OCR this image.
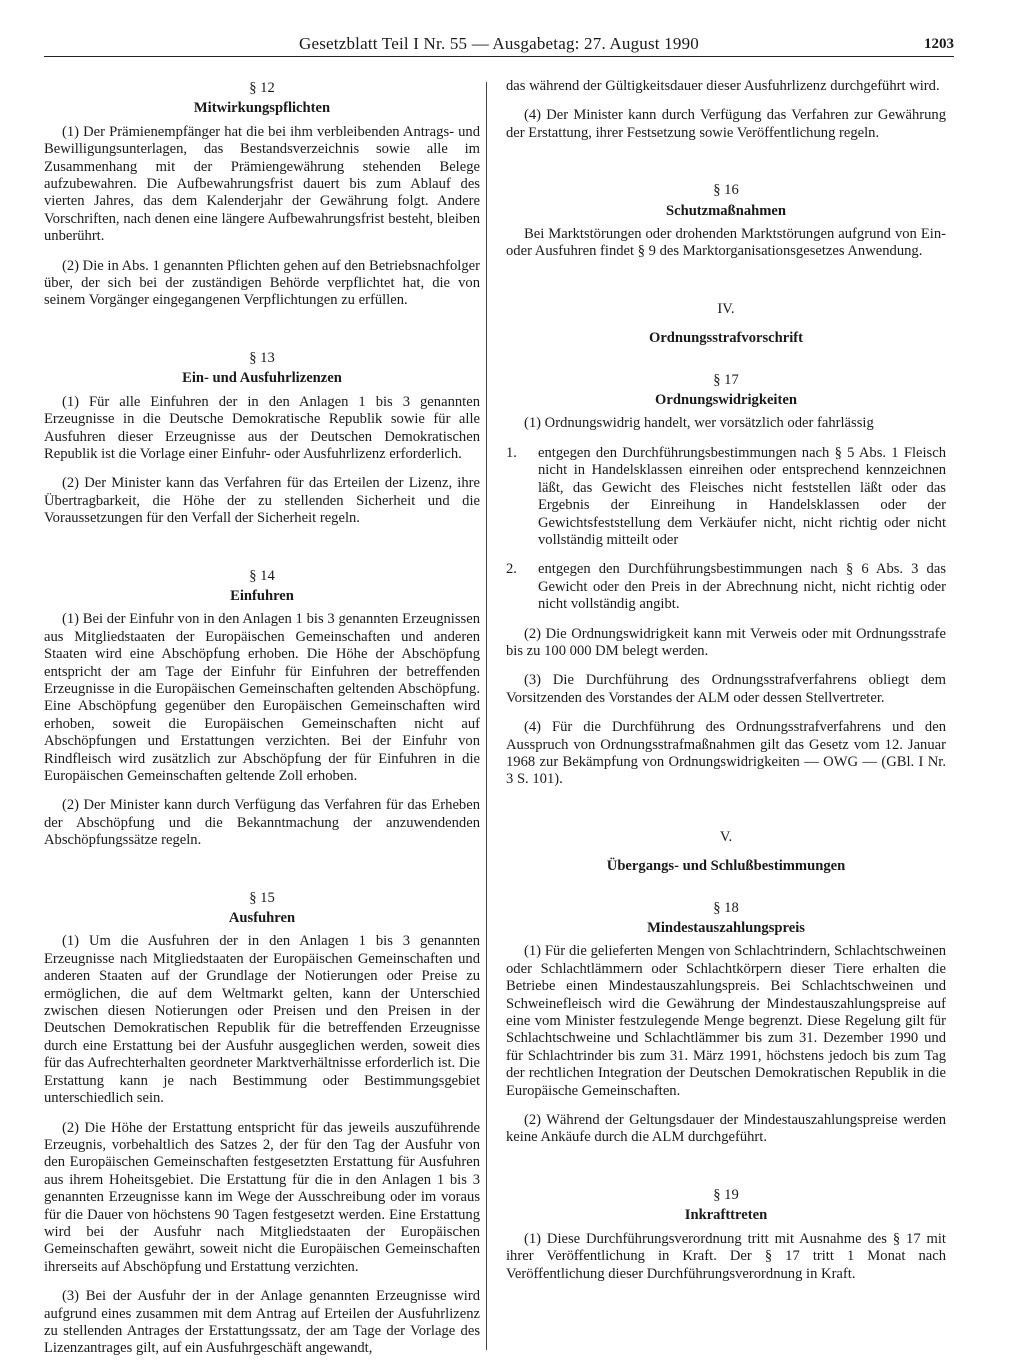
Gesetzblatt Teil I Nr. 55 — Ausgabetag: 27. August 1990	1203
§ 12
Mitwirkungspflichten

(1) Der Prämienempfänger hat die bei ihm verbleibenden Antrags- und Bewilligungsunterlagen, das Bestandsverzeichnis sowie alle im Zusammenhang mit der Prämiengewährung stehenden Belege aufzubewahren. Die Aufbewahrungsfrist dauert bis zum Ablauf des vierten Jahres, das dem Kalenderjahr der Gewährung folgt. Andere Vorschriften, nach denen eine längere Aufbewahrungsfrist besteht, bleiben unberührt.

(2) Die in Abs. 1 genannten Pflichten gehen auf den Betriebsnachfolger über, der sich bei der zuständigen Behörde verpflichtet hat, die von seinem Vorgänger eingegangenen Verpflichtungen zu erfüllen.

§ 13
Ein- und Ausfuhrlizenzen

(1) Für alle Einfuhren der in den Anlagen 1 bis 3 genannten Erzeugnisse in die Deutsche Demokratische Republik sowie für alle Ausfuhren dieser Erzeugnisse aus der Deutschen Demokratischen Republik ist die Vorlage einer Einfuhr- oder Ausfuhrlizenz erforderlich.

(2) Der Minister kann das Verfahren für das Erteilen der Lizenz, ihre Übertragbarkeit, die Höhe der zu stellenden Sicherheit und die Voraussetzungen für den Verfall der Sicherheit regeln.

§ 14
Einfuhren

(1) Bei der Einfuhr von in den Anlagen 1 bis 3 genannten Erzeugnissen aus Mitgliedstaaten der Europäischen Gemeinschaften und anderen Staaten wird eine Abschöpfung erhoben. Die Höhe der Abschöpfung entspricht der am Tage der Einfuhr für Einfuhren der betreffenden Erzeugnisse in die Europäischen Gemeinschaften geltenden Abschöpfung. Eine Abschöpfung gegenüber den Europäischen Gemeinschaften wird erhoben, soweit die Europäischen Gemeinschaften nicht auf Abschöpfungen und Erstattungen verzichten. Bei der Einfuhr von Rindfleisch wird zusätzlich zur Abschöpfung der für Einfuhren in die Europäischen Gemeinschaften geltende Zoll erhoben.

(2) Der Minister kann durch Verfügung das Verfahren für das Erheben der Abschöpfung und die Bekanntmachung der anzuwendenden Abschöpfungssätze regeln.

§ 15
Ausfuhren

(1) Um die Ausfuhren der in den Anlagen 1 bis 3 genannten Erzeugnisse nach Mitgliedstaaten der Europäischen Gemeinschaften und anderen Staaten auf der Grundlage der Notierungen oder Preise zu ermöglichen, die auf dem Weltmarkt gelten, kann der Unterschied zwischen diesen Notierungen oder Preisen und den Preisen in der Deutschen Demokratischen Republik für die betreffenden Erzeugnisse durch eine Erstattung bei der Ausfuhr ausgeglichen werden, soweit dies für das Aufrechterhalten geordneter Marktverhältnisse erforderlich ist. Die Erstattung kann je nach Bestimmung oder Bestimmungsgebiet unterschiedlich sein.

(2) Die Höhe der Erstattung entspricht für das jeweils auszuführende Erzeugnis, vorbehaltlich des Satzes 2, der für den Tag der Ausfuhr von den Europäischen Gemeinschaften festgesetzten Erstattung für Ausfuhren aus ihrem Hoheitsgebiet. Die Erstattung für die in den Anlagen 1 bis 3 genannten Erzeugnisse kann im Wege der Ausschreibung oder im voraus für die Dauer von höchstens 90 Tagen festgesetzt werden. Eine Erstattung wird bei der Ausfuhr nach Mitgliedstaaten der Europäischen Gemeinschaften gewährt, soweit nicht die Europäischen Gemeinschaften ihrerseits auf Abschöpfung und Erstattung verzichten.

(3) Bei der Ausfuhr der in der Anlage genannten Erzeugnisse wird aufgrund eines zusammen mit dem Antrag auf Erteilen der Ausfuhrlizenz zu stellenden Antrages der Erstattungssatz, der am Tage der Vorlage des Lizenzantrages gilt, auf ein Ausfuhrgeschäft angewandt,

das während der Gültigkeitsdauer dieser Ausfuhrlizenz durchgeführt wird.

(4) Der Minister kann durch Verfügung das Verfahren zur Gewährung der Erstattung, ihrer Festsetzung sowie Veröffentlichung regeln.

§ 16
Schutzmaßnahmen

Bei Marktstörungen oder drohenden Marktstörungen aufgrund von Ein- oder Ausfuhren findet § 9 des Marktorganisationsgesetzes Anwendung.

IV.
Ordnungsstrafvorschrift
§ 17
Ordnungswidrigkeiten

(1) Ordnungswidrig handelt, wer vorsätzlich oder fahrlässig

1. entgegen den Durchführungsbestimmungen nach § 5 Abs. 1 Fleisch nicht in Handelsklassen einreihen oder entsprechend kennzeichnen läßt, das Gewicht des Fleisches nicht feststellen läßt oder das Ergebnis der Einreihung in Handelsklassen oder der Gewichtsfeststellung dem Verkäufer nicht, nicht richtig oder nicht vollständig mitteilt oder
2. entgegen den Durchführungsbestimmungen nach § 6 Abs. 3 das Gewicht oder den Preis in der Abrechnung nicht, nicht richtig oder nicht vollständig angibt.

(2) Die Ordnungswidrigkeit kann mit Verweis oder mit Ordnungsstrafe bis zu 100 000 DM belegt werden.

(3) Die Durchführung des Ordnungsstrafverfahrens obliegt dem Vorsitzenden des Vorstandes der ALM oder dessen Stellvertreter.

(4) Für die Durchführung des Ordnungsstrafverfahrens und den Ausspruch von Ordnungsstrafmaßnahmen gilt das Gesetz vom 12. Januar 1968 zur Bekämpfung von Ordnungswidrigkeiten — OWG — (GBl. I Nr. 3 S. 101).

V.
Übergangs- und Schlußbestimmungen
§ 18
Mindestauszahlungspreis

(1) Für die gelieferten Mengen von Schlachtrindern, Schlachtschweinen oder Schlachtlämmern oder Schlachtkörpern dieser Tiere erhalten die Betriebe einen Mindestauszahlungspreis. Bei Schlachtschweinen und Schweinefleisch wird die Gewährung der Mindestauszahlungspreise auf eine vom Minister festzulegende Menge begrenzt. Diese Regelung gilt für Schlachtschweine und Schlachtlämmer bis zum 31. Dezember 1990 und für Schlachtrinder bis zum 31. März 1991, höchstens jedoch bis zum Tag der rechtlichen Integration der Deutschen Demokratischen Republik in die Europäische Gemeinschaften.

(2) Während der Geltungsdauer der Mindestauszahlungspreise werden keine Ankäufe durch die ALM durchgeführt.

§ 19
Inkrafttreten

(1) Diese Durchführungsverordnung tritt mit Ausnahme des § 17 mit ihrer Veröffentlichung in Kraft. Der § 17 tritt 1 Monat nach Veröffentlichung dieser Durchführungsverordnung in Kraft.
